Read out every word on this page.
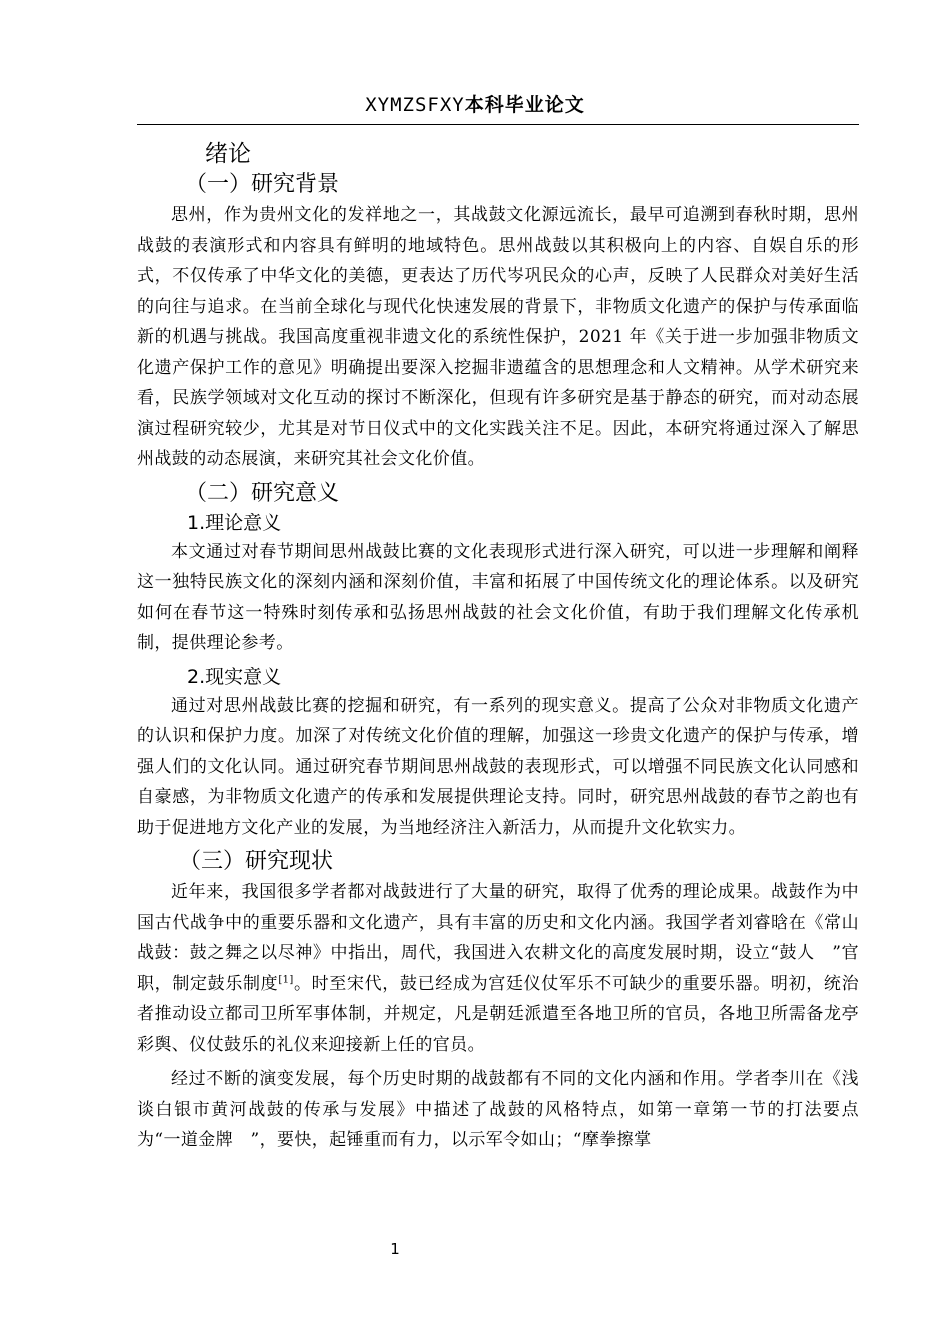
XYMZSFXY本科毕业论文
绪论
（一）研究背景

思州，作为贵州文化的发祥地之一，其战鼓文化源远流长，最早可追溯到春秋时期，思州战鼓的表演形式和内容具有鲜明的地域特色。思州战鼓以其积极向上的内容、自娱自乐的形式，不仅传承了中华文化的美德，更表达了历代岑巩民众的心声，反映了人民群众对美好生活的向往与追求。在当前全球化与现代化快速发展的背景下，非物质文化遗产的保护与传承面临新的机遇与挑战。我国高度重视非遗文化的系统性保护，2021 年《关于进一步加强非物质文化遗产保护工作的意见》明确提出要深入挖掘非遗蕴含的思想理念和人文精神。从学术研究来看，民族学领域对文化互动的探讨不断深化，但现有许多研究是基于静态的研究，而对动态展演过程研究较少，尤其是对节日仪式中的文化实践关注不足。因此，本研究将通过深入了解思州战鼓的动态展演，来研究其社会文化价值。

（二）研究意义
1.理论意义

本文通过对春节期间思州战鼓比赛的文化表现形式进行深入研究，可以进一步理解和阐释这一独特民族文化的深刻内涵和深刻价值，丰富和拓展了中国传统文化的理论体系。以及研究如何在春节这一特殊时刻传承和弘扬思州战鼓的社会文化价值，有助于我们理解文化传承机制，提供理论参考。

2.现实意义

通过对思州战鼓比赛的挖掘和研究，有一系列的现实意义。提高了公众对非物质文化遗产的认识和保护力度。加深了对传统文化价值的理解，加强这一珍贵文化遗产的保护与传承，增强人们的文化认同。通过研究春节期间思州战鼓的表现形式，可以增强不同民族文化认同感和自豪感，为非物质文化遗产的传承和发展提供理论支持。同时，研究思州战鼓的春节之韵也有助于促进地方文化产业的发展，为当地经济注入新活力，从而提升文化软实力。

（三）研究现状

近年来，我国很多学者都对战鼓进行了大量的研究，取得了优秀的理论成果。战鼓作为中国古代战争中的重要乐器和文化遗产，具有丰富的历史和文化内涵。我国学者刘睿晗在《常山战鼓：鼓之舞之以尽神》中指出，周代，我国进入农耕文化的高度发展时期，设立“鼓人　”官职，制定鼓乐制度[1]。时至宋代，鼓已经成为宫廷仪仗军乐不可缺少的重要乐器。明初，统治者推动设立都司卫所军事体制，并规定，凡是朝廷派遣至各地卫所的官员，各地卫所需备龙亭彩舆、仪仗鼓乐的礼仪来迎接新上任的官员。

经过不断的演变发展，每个历史时期的战鼓都有不同的文化内涵和作用。学者李川在《浅谈白银市黄河战鼓的传承与发展》中描述了战鼓的风格特点，如第一章第一节的打法要点为“一道金牌　”，要快，起锤重而有力，以示军令如山；“摩拳擦掌

1
